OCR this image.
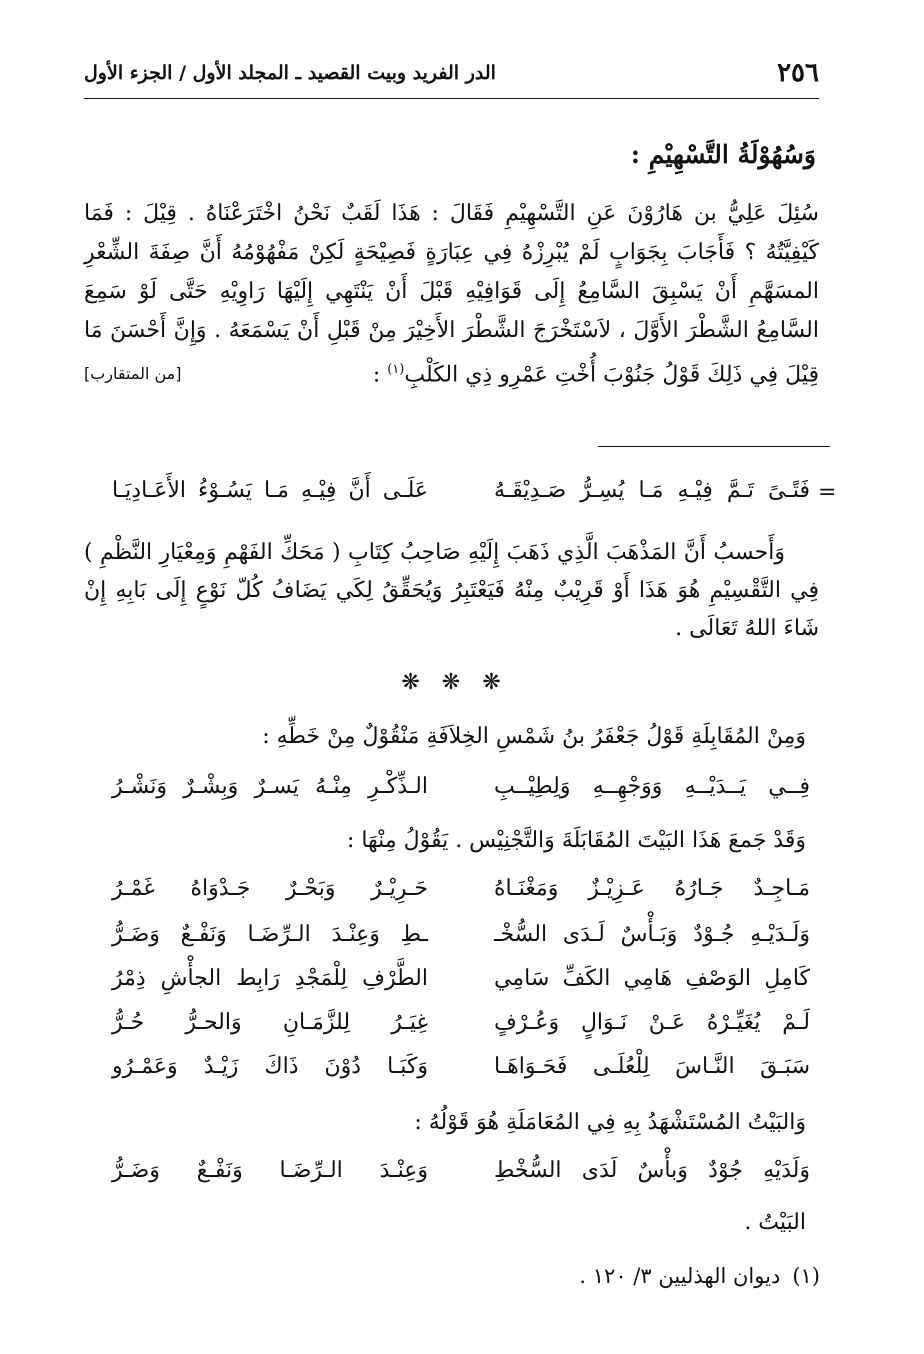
٢٥٦
الدر الفريد وبيت القصيد ـ المجلد الأول / الجزء الأول
وَسُهُوْلَةُ التَّسْهِيْمِ :

سُئِلَ عَلِيُّ بن هَارُوْنَ عَنِ التَّسْهِيْمِ فَقَالَ : هَذَا لَقَبٌ نَحْنُ اخْتَرَعْنَاهُ . قِيْلَ : فَمَا كَيْفِيَّتُهُ ؟ فَأَجَابَ بِجَوَابٍ لَمْ يُبْرِزْهُ فِي عِبَارَةٍ فَصِيْحَةٍ لَكِنْ مَفْهُوْمُهُ أَنَّ صِفَةَ الشِّعْرِ المسَهَّمِ أَنْ يَسْبِقَ السَّامِعُ إِلَى قَوَافِيْهِ قَبْلَ أَنْ يَنْتَهِي إِلَيْهَا رَاوِيْهِ حَتَّى لَوْ سَمِعَ السَّامِعُ الشَّطْرَ الأَوَّلَ ، لاَسْتَخْرَجَ الشَّطْرَ الأَخِيْرَ مِنْ قَبْلِ أَنْ يَسْمَعَهُ . وَإِنَّ أَحْسَنَ مَا قِيْلَ فِي ذَلِكَ قَوْلُ جَنُوْبَ أُخْتِ عَمْرِو ذِي الكَلْبِ$^{(١)}$ :
[من المتقارب]

=
فَتًـىً تَـمَّ فِيْـهِ مَـا يُسِـرُّ صَـدِيْقَـهُ
عَلَـى أَنَّ فِيْـهِ مَـا يَسُـوْءُ الأَعَـادِيَـا

وَأَحسبُ أَنَّ المَذْهَبَ الَّذِي ذَهَبَ إِلَيْهِ صَاحِبُ كِتَابِ ( مَحَكِّ الفَهْمِ وَمِعْيَارِ النَّظْمِ ) فِي التَّقْسِيْمِ هُوَ هَذَا أَوْ قَرِيْبٌ مِنْهُ فَيَعْتَبِرُ وَيُحَقِّقُ لِكَي يَضَافُ كُلّ نَوْعٍ إِلَى بَابِهِ إِنْ شَاءَ اللهُ تَعَالَى .

❋❋❋
وَمِنْ المُقَابِلَةِ قَوْلُ جَعْفَرُ بنُ شَمْسِ الخِلاَفَةِ مَنْقُوْلٌ مِنْ خَطِّهِ :
فِــي يَــدَيْــهِ وَوَجْهِــهِ وَلِطِيْــبِ
الـذِّكْـرِ مِنْـهُ يَسـرٌ وَبِشْـرٌ وَنَشْـرُ
وَقَدْ جَمعَ هَذَا البَيْتَ المُقَابَلَةَ وَالتَّجْنِيْس . يَقُوْلُ مِنْهَا :
مَـاجِـدٌ جَـارُهُ عَـزِيْـزٌ وَمَغْنَـاهُ
حَـرِيْـرٌ وَبَحْـرٌ جَـدْوَاهُ غَمْـرُ
وَلَـدَيْـهِ جُـوْدٌ وَبَـأْسٌ لَـدَى السُّخْـ
ـطِ وَعِنْـدَ الـرِّضَـا وَنَفْـعٌ وَضَـرُّ
كَامِلِ الوَصْفِ هَامِي الكَفِّ سَامِي
الطَّرْفِ لِلْمَجْدِ رَابِط الجأْشِ ذِمْرُ
لَـمْ يُغَيِّـرْهُ عَـنْ نَـوَالٍ وَعُـرْفٍ
غِيَـرُ لِلزَّمَـانِ وَالحـرُّ حُـرُّ
سَبَـقَ النَّـاسَ لِلْعُلَـى فَحَـوَاهَـا
وَكَبَـا دُوْنَ ذَاكَ زَيْـدٌ وَعَمْـرُو
وَالبَيْتُ المُسْتَشْهَدُ بِهِ فِي المُعَامَلَةِ هُوَ قَوْلُهُ :
وَلَدَيْهِ جُوْدٌ وَبأْسٌ لَدَى السُّخْطِ
وَعِنْـدَ الـرِّضَـا وَنَفْـعٌ وَضَـرُّ
البَيْتُ .
(١)ديوان الهذليين ٣/ ١٢٠ .
